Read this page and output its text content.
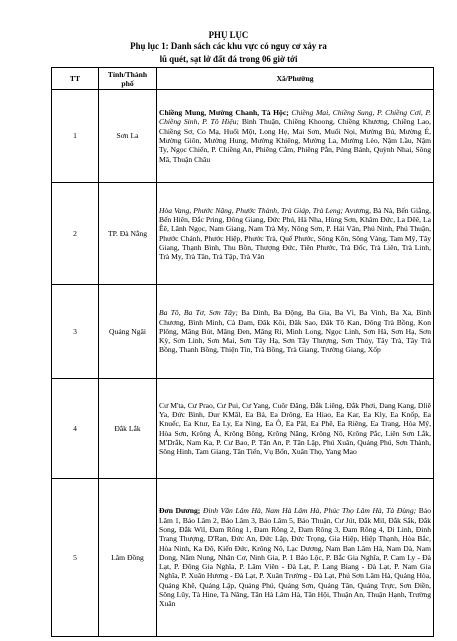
PHỤ LỤC
Phụ lục 1: Danh sách các khu vực có nguy cơ xảy ra
lũ quét, sạt lở đất đá trong 06 giờ tới
TT	Tỉnh/Thành phố	Xã/Phường
1	Sơn La	Chiềng Mung, Mường Chanh, Tà Hộc; Chiềng Mai, Chiềng Sung, P. Chiềng Cơi, P. Chiềng Sinh, P. Tô Hiệu; Bình Thuận, Chiềng Khoong, Chiềng Khương, Chiềng Lao, Chiềng Sơ, Co Mạ, Huổi Một, Long Hẹ, Mai Sơn, Muổi Nọi, Mường Bú, Mường É, Mường Giôn, Mường Hung, Mường Khiêng, Mường La, Mường Lèo, Nậm Lầu, Nậm Ty, Ngọc Chiến, P. Chiềng An, Phiêng Cằm, Phiêng Pằn, Púng Bánh, Quỳnh Nhai, Sông Mã, Thuận Châu
2	TP. Đà Nẵng	Hòa Vang, Phước Năng, Phước Thành, Trà Giáp, Trà Leng; Avương, Bà Nà, Bến Giằng, Bến Hiên, Đắc Pring, Đông Giang, Đức Phú, Hà Nha, Hùng Sơn, Khâm Đức, La Dêê, La Êê, Lãnh Ngọc, Nam Giang, Nam Trà My, Nông Sơn, P. Hải Vân, Phú Ninh, Phú Thuận, Phước Chánh, Phước Hiệp, Phước Trà, Quế Phước, Sông Kôn, Sông Vàng, Tam Mỹ, Tây Giang, Thạnh Bình, Thu Bồn, Thượng Đức, Tiên Phước, Trà Đốc, Trà Liên, Trà Linh, Trà My, Trà Tân, Trà Tập, Trà Vân
3	Quảng Ngãi	Ba Tô, Ba Tơ, Sơn Tây; Ba Dinh, Ba Động, Ba Gia, Ba Vì, Ba Vinh, Ba Xa, Bình Chương, Bình Minh, Cà Đam, Đăk Kôi, Đăk Sao, Đăk Tô Kan, Đông Trà Bồng, Kon Plông, Măng Bút, Măng Đen, Măng Ri, Minh Long, Ngọc Linh, Sơn Hà, Sơn Hạ, Sơn Kỳ, Sơn Linh, Sơn Mai, Sơn Tây Hạ, Sơn Tây Thượng, Sơn Thủy, Tây Trà, Tây Trà Bồng, Thanh Bồng, Thiện Tín, Trà Bồng, Trà Giang, Trường Giang, Xốp
4	Đắk Lắk	Cư M'ta, Cư Prao, Cư Pui, Cư Yang, Cuôr Đăng, Đắk Liêng, Đắk Phơi, Dang Kang, Dliê Ya, Đức Bình, Dur KMăl, Ea Bá, Ea Drông, Ea Hiao, Ea Kar, Ea Kly, Ea Knốp, Ea Knuếc, Ea Ktur, Ea Ly, Ea Ning, Ea Ô, Ea Păl, Ea Phê, Ea Riêng, Ea Trang, Hòa Mỹ, Hòa Sơn, Krông Á, Krông Bông, Krông Năng, Krông Nô, Krông Pắc, Liên Sơn Lắk, M'Drắk, Nam Ka, P. Cư Bao, P. Tân An, P. Tân Lập, Phú Xuân, Quảng Phú, Sơn Thành, Sông Hinh, Tam Giang, Tân Tiến, Vụ Bổn, Xuân Thọ, Yang Mao
5	Lâm Đồng	Đơn Dương; Đinh Văn Lâm Hà, Nam Hà Lâm Hà, Phúc Thọ Lâm Hà, Tà Đùng; Bảo Lâm 1, Bảo Lâm 2, Bảo Lâm 3, Bảo Lâm 5, Bảo Thuận, Cư Jút, Đắk Mil, Đắk Sắk, Đắk Song, Đắk Wil, Đam Rông 1, Đam Rông 2, Đam Rông 3, Đam Rông 4, Di Linh, Đinh Trang Thượng, D'Ran, Đức An, Đức Lập, Đức Trọng, Gia Hiệp, Hiệp Thạnh, Hòa Bắc, Hòa Ninh, Ka Đô, Kiến Đức, Krông Nô, Lạc Dương, Nam Ban Lâm Hà, Nam Dà, Nam Dong, Nâm Nung, Nhân Cơ, Ninh Gia, P. 1 Bảo Lộc, P. Bắc Gia Nghĩa, P. Cam Ly - Đà Lạt, P. Đông Gia Nghĩa, P. Lâm Viên - Đà Lạt, P. Lang Biang - Đà Lạt, P. Nam Gia Nghĩa, P. Xuân Hương - Đà Lạt, P. Xuân Trường - Đà Lạt, Phú Sơn Lâm Hà, Quảng Hòa, Quảng Khê, Quảng Lập, Quảng Phú, Quảng Sơn, Quảng Tân, Quảng Trực, Sơn Điền, Sông Lũy, Tà Hine, Tà Năng, Tân Hà Lâm Hà, Tân Hội, Thuận An, Thuận Hạnh, Trường Xuân
